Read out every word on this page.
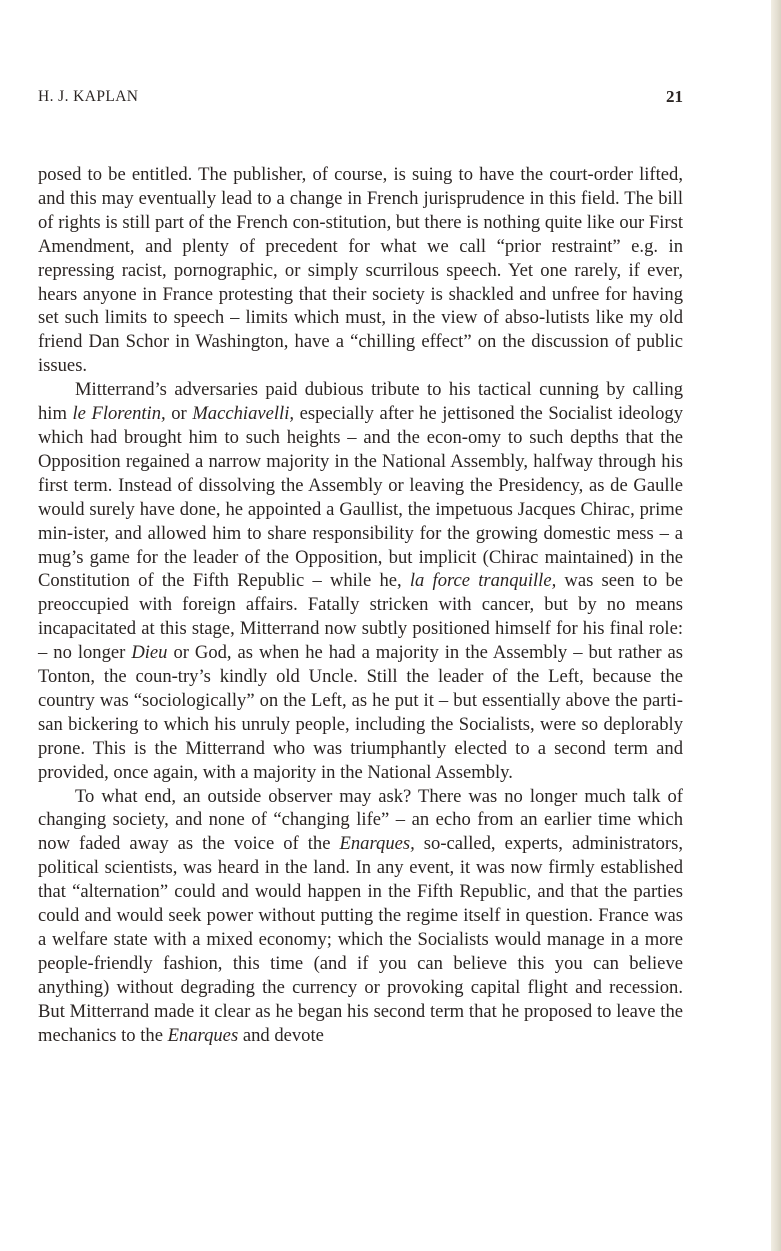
H. J. KAPLAN	21

posed to be entitled. The publisher, of course, is suing to have the court-order lifted, and this may eventually lead to a change in French jurisprudence in this field. The bill of rights is still part of the French con-stitution, but there is nothing quite like our First Amendment, and plenty of precedent for what we call “prior restraint” e.g. in repressing racist, pornographic, or simply scurrilous speech. Yet one rarely, if ever, hears anyone in France protesting that their society is shackled and unfree for having set such limits to speech – limits which must, in the view of abso-lutists like my old friend Dan Schor in Washington, have a “chilling effect” on the discussion of public issues.

Mitterrand’s adversaries paid dubious tribute to his tactical cunning by calling him le Florentin, or Macchiavelli, especially after he jettisoned the Socialist ideology which had brought him to such heights – and the econ-omy to such depths that the Opposition regained a narrow majority in the National Assembly, halfway through his first term. Instead of dissolving the Assembly or leaving the Presidency, as de Gaulle would surely have done, he appointed a Gaullist, the impetuous Jacques Chirac, prime min-ister, and allowed him to share responsibility for the growing domestic mess – a mug’s game for the leader of the Opposition, but implicit (Chirac maintained) in the Constitution of the Fifth Republic – while he, la force tranquille, was seen to be preoccupied with foreign affairs. Fatally stricken with cancer, but by no means incapacitated at this stage, Mitterrand now subtly positioned himself for his final role: – no longer Dieu or God, as when he had a majority in the Assembly – but rather as Tonton, the coun-try’s kindly old Uncle. Still the leader of the Left, because the country was “sociologically” on the Left, as he put it – but essentially above the parti-san bickering to which his unruly people, including the Socialists, were so deplorably prone. This is the Mitterrand who was triumphantly elected to a second term and provided, once again, with a majority in the National Assembly.

To what end, an outside observer may ask? There was no longer much talk of changing society, and none of “changing life” – an echo from an earlier time which now faded away as the voice of the Enarques, so-called, experts, administrators, political scientists, was heard in the land. In any event, it was now firmly established that “alternation” could and would happen in the Fifth Republic, and that the parties could and would seek power without putting the regime itself in question. France was a welfare state with a mixed economy; which the Socialists would manage in a more people-friendly fashion, this time (and if you can believe this you can believe anything) without degrading the currency or provoking capital flight and recession. But Mitterrand made it clear as he began his second term that he proposed to leave the mechanics to the Enarques and devote
